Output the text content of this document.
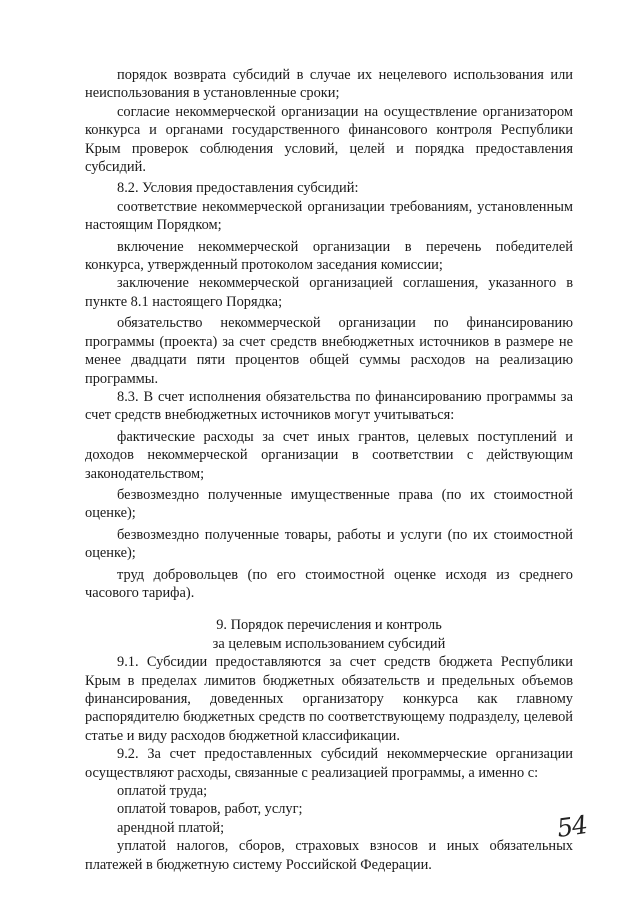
порядок возврата субсидий в случае их нецелевого использования или неиспользования в установленные сроки;

согласие некоммерческой организации на осуществление организатором конкурса и органами государственного финансового контроля Республики Крым проверок соблюдения условий, целей и порядка предоставления субсидий.

8.2. Условия предоставления субсидий:

соответствие некоммерческой организации требованиям, установленным настоящим Порядком;

включение некоммерческой организации в перечень победителей конкурса, утвержденный протоколом заседания комиссии;

заключение некоммерческой организацией соглашения, указанного в пункте 8.1 настоящего Порядка;

обязательство некоммерческой организации по финансированию программы (проекта) за счет средств внебюджетных источников в размере не менее двадцати пяти процентов общей суммы расходов на реализацию программы.

8.3. В счет исполнения обязательства по финансированию программы за счет средств внебюджетных источников могут учитываться:

фактические расходы за счет иных грантов, целевых поступлений и доходов некоммерческой организации в соответствии с действующим законодательством;

безвозмездно полученные имущественные права (по их стоимостной оценке);

безвозмездно полученные товары, работы и услуги (по их стоимостной оценке);

труд добровольцев (по его стоимостной оценке исходя из среднего часового тарифа).

9. Порядок перечисления и контроль

за целевым использованием субсидий

9.1. Субсидии предоставляются за счет средств бюджета Республики Крым в пределах лимитов бюджетных обязательств и предельных объемов финансирования, доведенных организатору конкурса как главному распорядителю бюджетных средств по соответствующему подразделу, целевой статье и виду расходов бюджетной классификации.

9.2. За счет предоставленных субсидий некоммерческие организации осуществляют расходы, связанные с реализацией программы, а именно с:

оплатой труда;

оплатой товаров, работ, услуг;

арендной платой;

уплатой налогов, сборов, страховых взносов и иных обязательных платежей в бюджетную систему Российской Федерации.

54
